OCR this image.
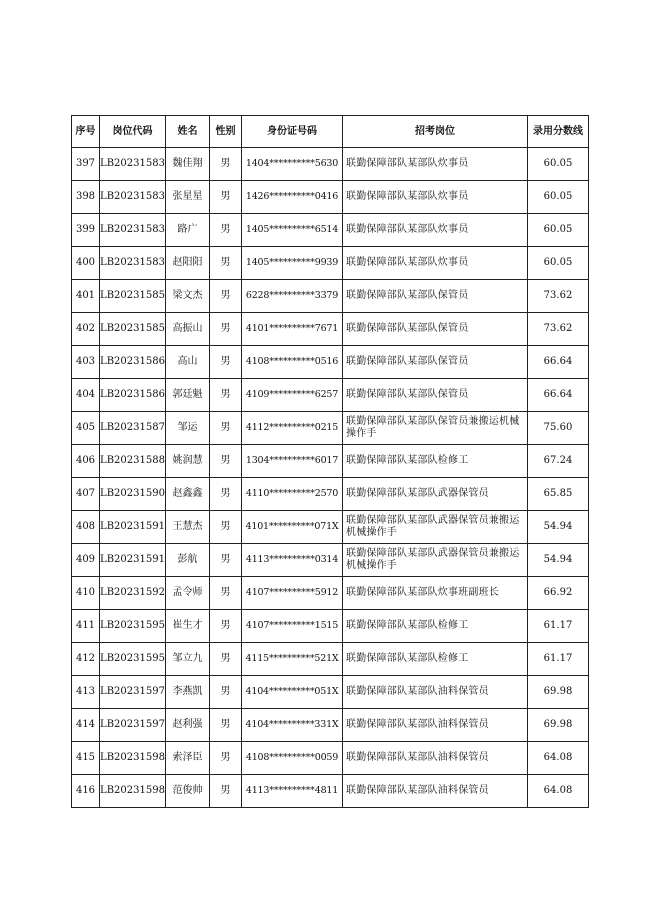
序号	岗位代码	姓名	性别	身份证号码	招考岗位	录用分数线
397	LB20231583	魏佳翔	男	1404**********5630	联勤保障部队某部队炊事员	60.05
398	LB20231583	张星星	男	1426**********0416	联勤保障部队某部队炊事员	60.05
399	LB20231583	路广	男	1405**********6514	联勤保障部队某部队炊事员	60.05
400	LB20231583	赵阳阳	男	1405**********9939	联勤保障部队某部队炊事员	60.05
401	LB20231585	梁文杰	男	6228**********3379	联勤保障部队某部队保管员	73.62
402	LB20231585	高振山	男	4101**********7671	联勤保障部队某部队保管员	73.62
403	LB20231586	高山	男	4108**********0516	联勤保障部队某部队保管员	66.64
404	LB20231586	郭廷魁	男	4109**********6257	联勤保障部队某部队保管员	66.64
405	LB20231587	邹运	男	4112**********0215	联勤保障部队某部队保管员兼搬运机械操作手	75.60
406	LB20231588	姚润慧	男	1304**********6017	联勤保障部队某部队检修工	67.24
407	LB20231590	赵鑫鑫	男	4110**********2570	联勤保障部队某部队武器保管员	65.85
408	LB20231591	王慧杰	男	4101**********071X	联勤保障部队某部队武器保管员兼搬运机械操作手	54.94
409	LB20231591	彭航	男	4113**********0314	联勤保障部队某部队武器保管员兼搬运机械操作手	54.94
410	LB20231592	孟令师	男	4107**********5912	联勤保障部队某部队炊事班副班长	66.92
411	LB20231595	崔生才	男	4107**********1515	联勤保障部队某部队检修工	61.17
412	LB20231595	邹立九	男	4115**********521X	联勤保障部队某部队检修工	61.17
413	LB20231597	李燕凯	男	4104**********051X	联勤保障部队某部队油料保管员	69.98
414	LB20231597	赵利强	男	4104**********331X	联勤保障部队某部队油料保管员	69.98
415	LB20231598	索泽臣	男	4108**********0059	联勤保障部队某部队油料保管员	64.08
416	LB20231598	范俊帅	男	4113**********4811	联勤保障部队某部队油料保管员	64.08
